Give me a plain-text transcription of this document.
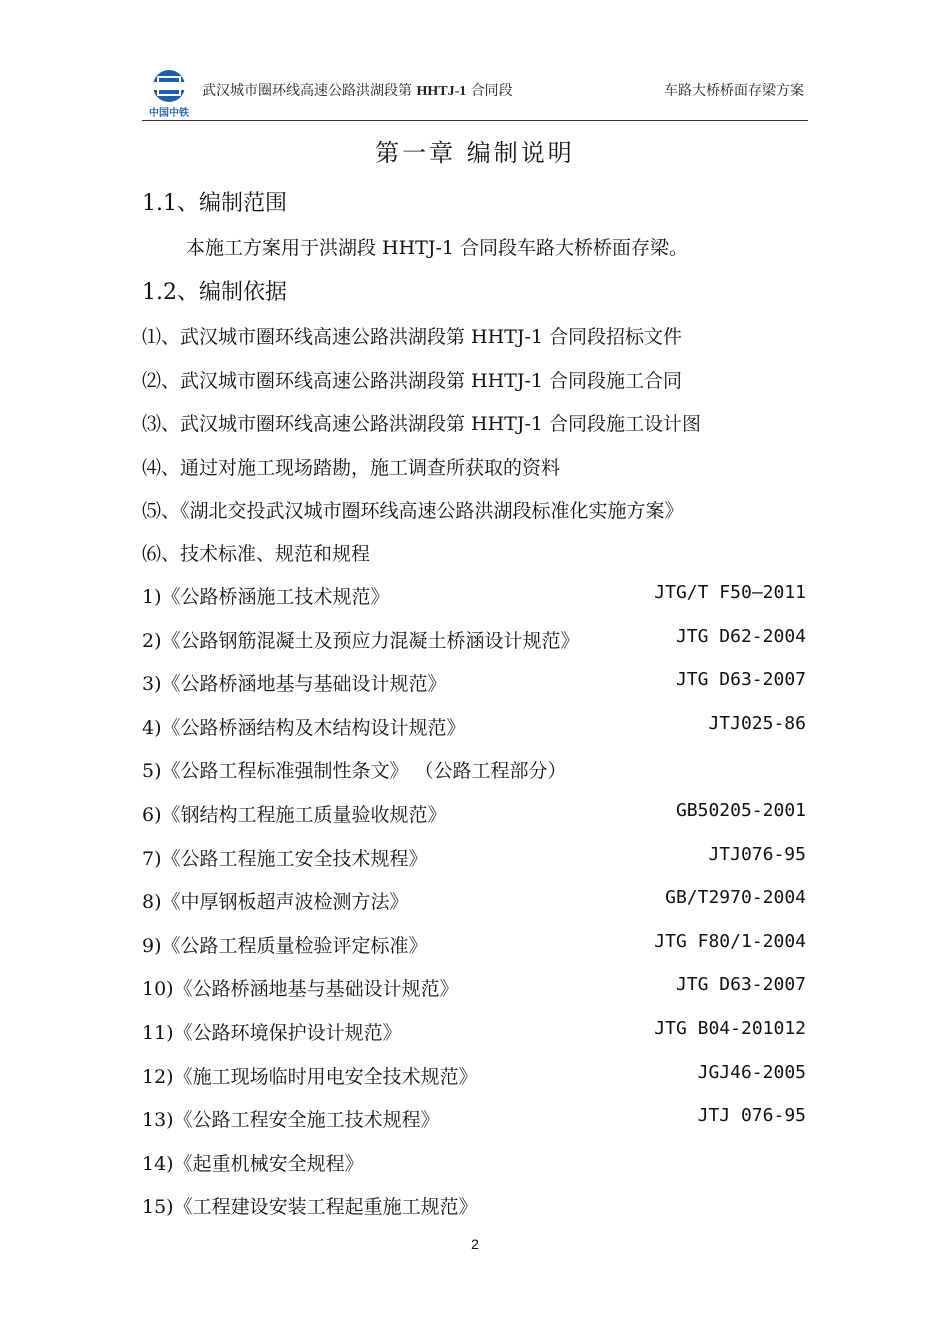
中国中铁
武汉城市圈环线高速公路洪湖段第 HHTJ-1 合同段	车路大桥桥面存梁方案
第一章 编制说明
1.1、编制范围
本施工方案用于洪湖段 HHTJ-1 合同段车路大桥桥面存梁。
1.2、编制依据
⑴、武汉城市圈环线高速公路洪湖段第 HHTJ-1 合同段招标文件
⑵、武汉城市圈环线高速公路洪湖段第 HHTJ-1 合同段施工合同
⑶、武汉城市圈环线高速公路洪湖段第 HHTJ-1 合同段施工设计图
⑷、通过对施工现场踏勘，施工调查所获取的资料
⑸、《湖北交投武汉城市圈环线高速公路洪湖段标准化实施方案》
⑹、技术标准、规范和规程
1)《公路桥涵施工技术规范》	JTG/T F50—2011
2)《公路钢筋混凝土及预应力混凝土桥涵设计规范》	JTG D62-2004
3)《公路桥涵地基与基础设计规范》	JTG D63-2007
4)《公路桥涵结构及木结构设计规范》	JTJ025-86
5)《公路工程标准强制性条文》 （公路工程部分）
6)《钢结构工程施工质量验收规范》	GB50205-2001
7)《公路工程施工安全技术规程》	JTJ076-95
8)《中厚钢板超声波检测方法》	GB/T2970-2004
9)《公路工程质量检验评定标准》	JTG F80/1-2004
10)《公路桥涵地基与基础设计规范》	JTG D63-2007
11)《公路环境保护设计规范》	JTG B04-201012
12)《施工现场临时用电安全技术规范》	JGJ46-2005
13)《公路工程安全施工技术规程》	JTJ 076-95
14)《起重机械安全规程》
15)《工程建设安装工程起重施工规范》
2
